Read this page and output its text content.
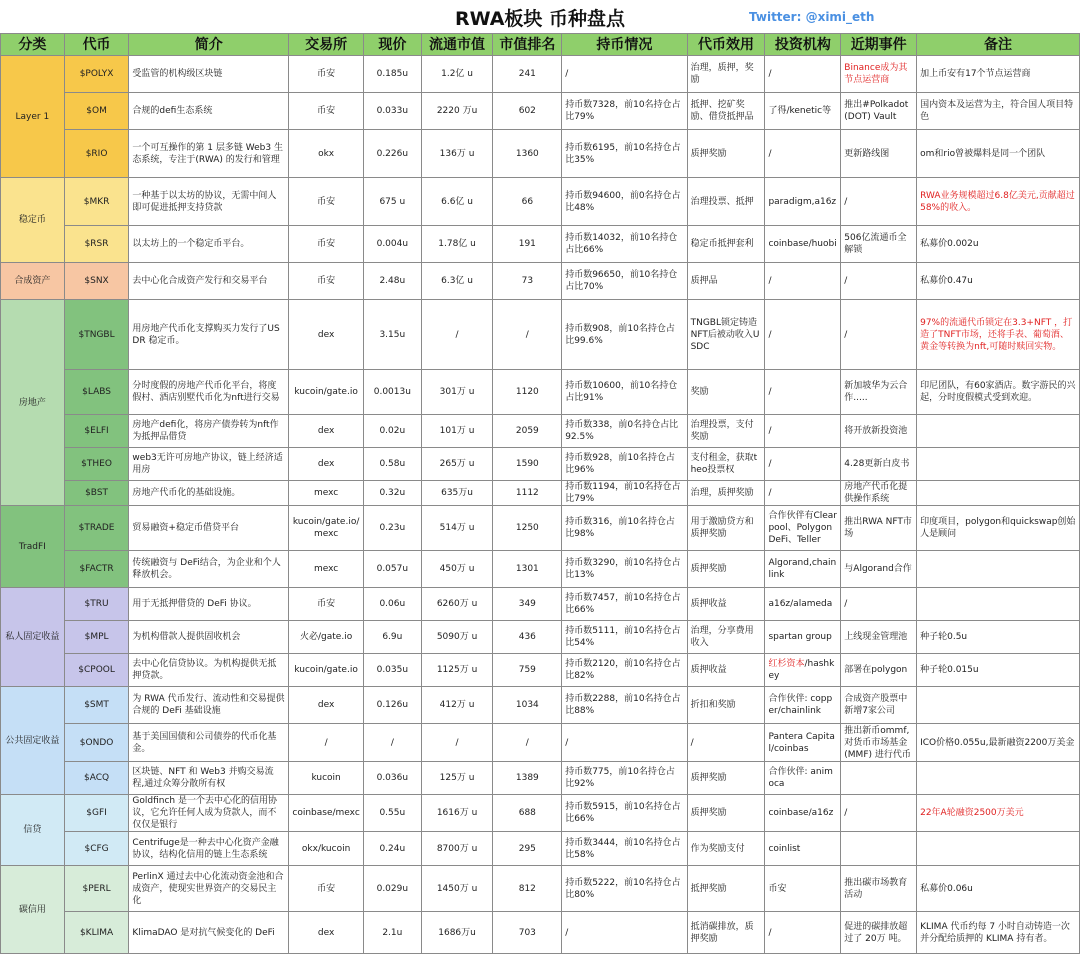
RWA板块 币种盘点	Twitter: @ximi_eth
分类	代币	简介	交易所	现价	流通市值	市值排名	持币情况	代币效用	投资机构	近期事件	备注
Layer 1	$POLYX	受监管的机构级区块链	币安	0.185u	1.2亿 u	241	/	治理，质押，奖励	/	Binance成为其节点运营商	加上币安有17个节点运营商
	$OM	合规的defi生态系统	币安	0.033u	2220 万u	602	持币数7328，前10名持仓占比79%	抵押、挖矿奖励、借贷抵押品	了得/kenetic等	推出#Polkadot (DOT) Vault	国内资本及运营为主，符合国人项目特色
	$RIO	一个可互操作的第 1 层多链 Web3 生态系统，专注于(RWA) 的发行和管理	okx	0.226u	136万 u	1360	持币数6195，前10名持仓占比35%	质押奖励	/	更新路线图	om和rio曾被爆料是同一个团队
稳定币	$MKR	一种基于以太坊的协议，无需中间人即可促进抵押支持贷款	币安	675 u	6.6亿 u	66	持币数94600，前0名持仓占比48%	治理投票、抵押	paradigm,a16z	/	RWA业务规模超过6.8亿美元,贡献超过58%的收入。
	$RSR	以太坊上的一个稳定币平台。	币安	0.004u	1.78亿 u	191	持币数14032，前10名持仓占比66%	稳定币抵押套利	coinbase/huobi	506亿流通币全解锁	私募价0.002u
合成资产	$SNX	去中心化合成资产发行和交易平台	币安	2.48u	6.3亿 u	73	持币数96650，前10名持仓占比70%	质押品	/	/	私募价0.47u
房地产	$TNGBL	用房地产代币化支撑购买力发行了USDR 稳定币。	dex	3.15u	/	/	持币数908，前10名持仓占比99.6%	TNGBL锁定铸造NFT后被动收入USDC	/	/	97%的流通代币锁定在3.3+NFT ，打造了TNFT市场，还将手表、葡萄酒、黄金等转换为nft,可随时赎回实物。
	$LABS	分时度假的房地产代币化平台，将度假村、酒店别墅代币化为nft进行交易	kucoin/gate.io	0.0013u	301万 u	1120	持币数10600，前10名持仓占比91%	奖励	/	新加坡华为云合作.....	印尼团队，有60家酒店。数字游民的兴起，分时度假模式受到欢迎。
	$ELFI	房地产defi化，将房产债券转为nft作为抵押品借贷	dex	0.02u	101万 u	2059	持币数338，前0名持仓占比92.5%	治理投票，支付奖励	/	将开放新投资池	
	$THEO	web3无许可房地产协议，链上经济适用房	dex	0.58u	265万 u	1590	持币数928，前10名持仓占比96%	支付租金，获取theo投票权	/	4.28更新白皮书	
	$BST	房地产代币化的基础设施。	mexc	0.32u	635万u	1112	持币数1194，前10名持仓占比79%	治理，质押奖励	/	房地产代币化提供操作系统	
TradFI	$TRADE	贸易融资+稳定币借贷平台	kucoin/gate.io/mexc	0.23u	514万 u	1250	持币数316，前10名持仓占比98%	用于激励贷方和质押奖励	合作伙伴有Clearpool、Polygon DeFi、Teller	推出RWA NFT市场	印度项目，polygon和quickswap创始人是顾问
	$FACTR	传统融资与 DeFi结合，为企业和个人释放机会。	mexc	0.057u	450万 u	1301	持币数3290，前10名持仓占比13%	质押奖励	Algorand,chainlink	与Algorand合作	
私人固定收益	$TRU	用于无抵押借贷的 DeFi 协议。	币安	0.06u	6260万 u	349	持币数7457，前10名持仓占比66%	质押收益	a16z/alameda	/	
	$MPL	为机构借款人提供固收机会	火必/gate.io	6.9u	5090万 u	436	持币数5111，前10名持仓占比54%	治理，分享费用收入	spartan group	上线现金管理池	种子轮0.5u
	$CPOOL	去中心化信贷协议。为机构提供无抵押贷款。	kucoin/gate.io	0.035u	1125万 u	759	持币数2120，前10名持仓占比82%	质押收益	红杉资本/hashkey	部署在polygon	种子轮0.015u
公共固定收益	$SMT	为 RWA 代币发行、流动性和交易提供合规的 DeFi 基础设施	dex	0.126u	412万 u	1034	持币数2288，前10名持仓占比88%	折扣和奖励	合作伙伴: copper/chainlink	合成资产股票中新增7家公司	
	$ONDO	基于美国国债和公司债券的代币化基金。	/	/	/	/	/	/	Pantera Capital/coinbas	推出新币ommf,对货币市场基金(MMF) 进行代币	ICO价格0.055u,最新融资2200万美金
	$ACQ	区块链、NFT 和 Web3 并购交易流程,通过众筹分散所有权	kucoin	0.036u	125万 u	1389	持币数775，前10名持仓占比92%	质押奖励	合作伙伴: animoca		
信贷	$GFI	Goldfinch 是一个去中心化的信用协议，它允许任何人成为贷款人，而不仅仅是银行	coinbase/mexc	0.55u	1616万 u	688	持币数5915，前10名持仓占比66%	质押奖励	coinbase/a16z	/	22年A轮融资2500万美元
	$CFG	Centrifuge是一种去中心化资产金融协议，结构化信用的链上生态系统	okx/kucoin	0.24u	8700万 u	295	持币数3444，前10名持仓占比58%	作为奖励支付	coinlist		
碳信用	$PERL	PerlinX 通过去中心化流动资金池和合成资产，使现实世界资产的交易民主化	币安	0.029u	1450万 u	812	持币数5222，前10名持仓占比80%	抵押奖励	币安	推出碳市场教育活动	私募价0.06u
	$KLIMA	KlimaDAO 是对抗气候变化的 DeFi	dex	2.1u	1686万u	703	/	抵消碳排放，质押奖励	/	促进的碳排放超过了 20万 吨。	KLIMA 代币约每 7 小时自动铸造一次并分配给质押的 KLIMA 持有者。
